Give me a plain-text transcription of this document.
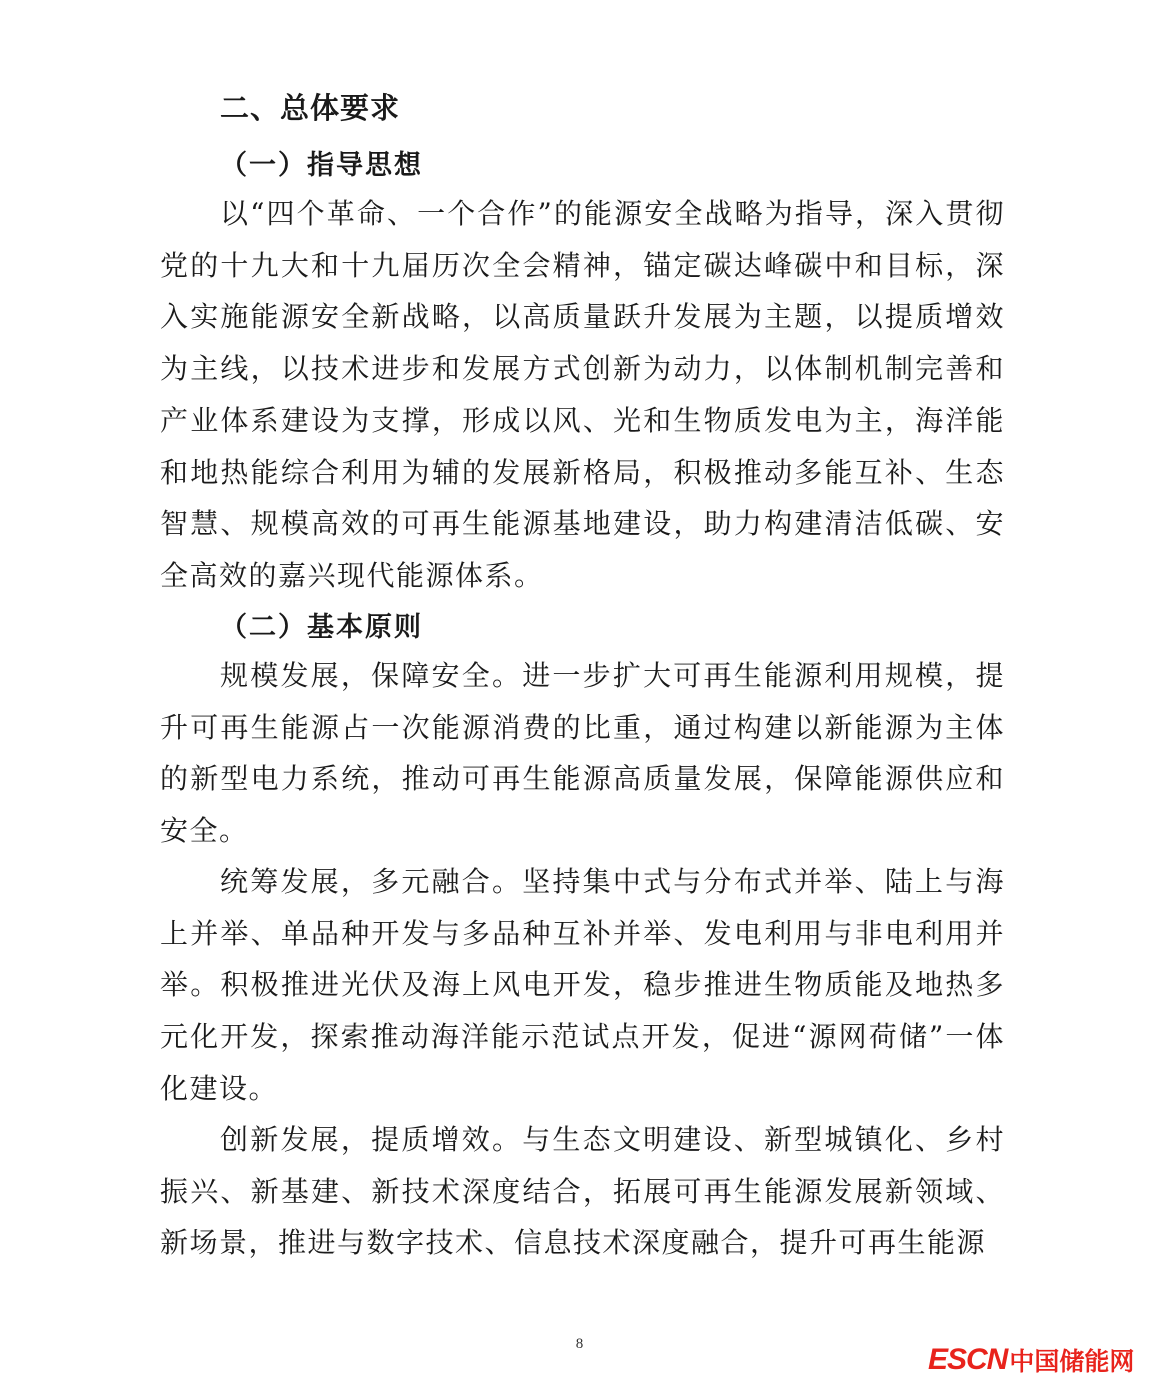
二、总体要求
（一）指导思想

以“四个革命、一个合作”的能源安全战略为指导，深入贯彻党的十九大和十九届历次全会精神，锚定碳达峰碳中和目标，深入实施能源安全新战略，以高质量跃升发展为主题，以提质增效为主线，以技术进步和发展方式创新为动力，以体制机制完善和产业体系建设为支撑，形成以风、光和生物质发电为主，海洋能和地热能综合利用为辅的发展新格局，积极推动多能互补、生态智慧、规模高效的可再生能源基地建设，助力构建清洁低碳、安全高效的嘉兴现代能源体系。

（二）基本原则

规模发展，保障安全。进一步扩大可再生能源利用规模，提升可再生能源占一次能源消费的比重，通过构建以新能源为主体的新型电力系统，推动可再生能源高质量发展，保障能源供应和安全。

统筹发展，多元融合。坚持集中式与分布式并举、陆上与海上并举、单品种开发与多品种互补并举、发电利用与非电利用并举。积极推进光伏及海上风电开发，稳步推进生物质能及地热多元化开发，探索推动海洋能示范试点开发，促进“源网荷储”一体化建设。

创新发展，提质增效。与生态文明建设、新型城镇化、乡村振兴、新基建、新技术深度结合，拓展可再生能源发展新领域、新场景，推进与数字技术、信息技术深度融合，提升可再生能源

8	ESCN 中国储能网
